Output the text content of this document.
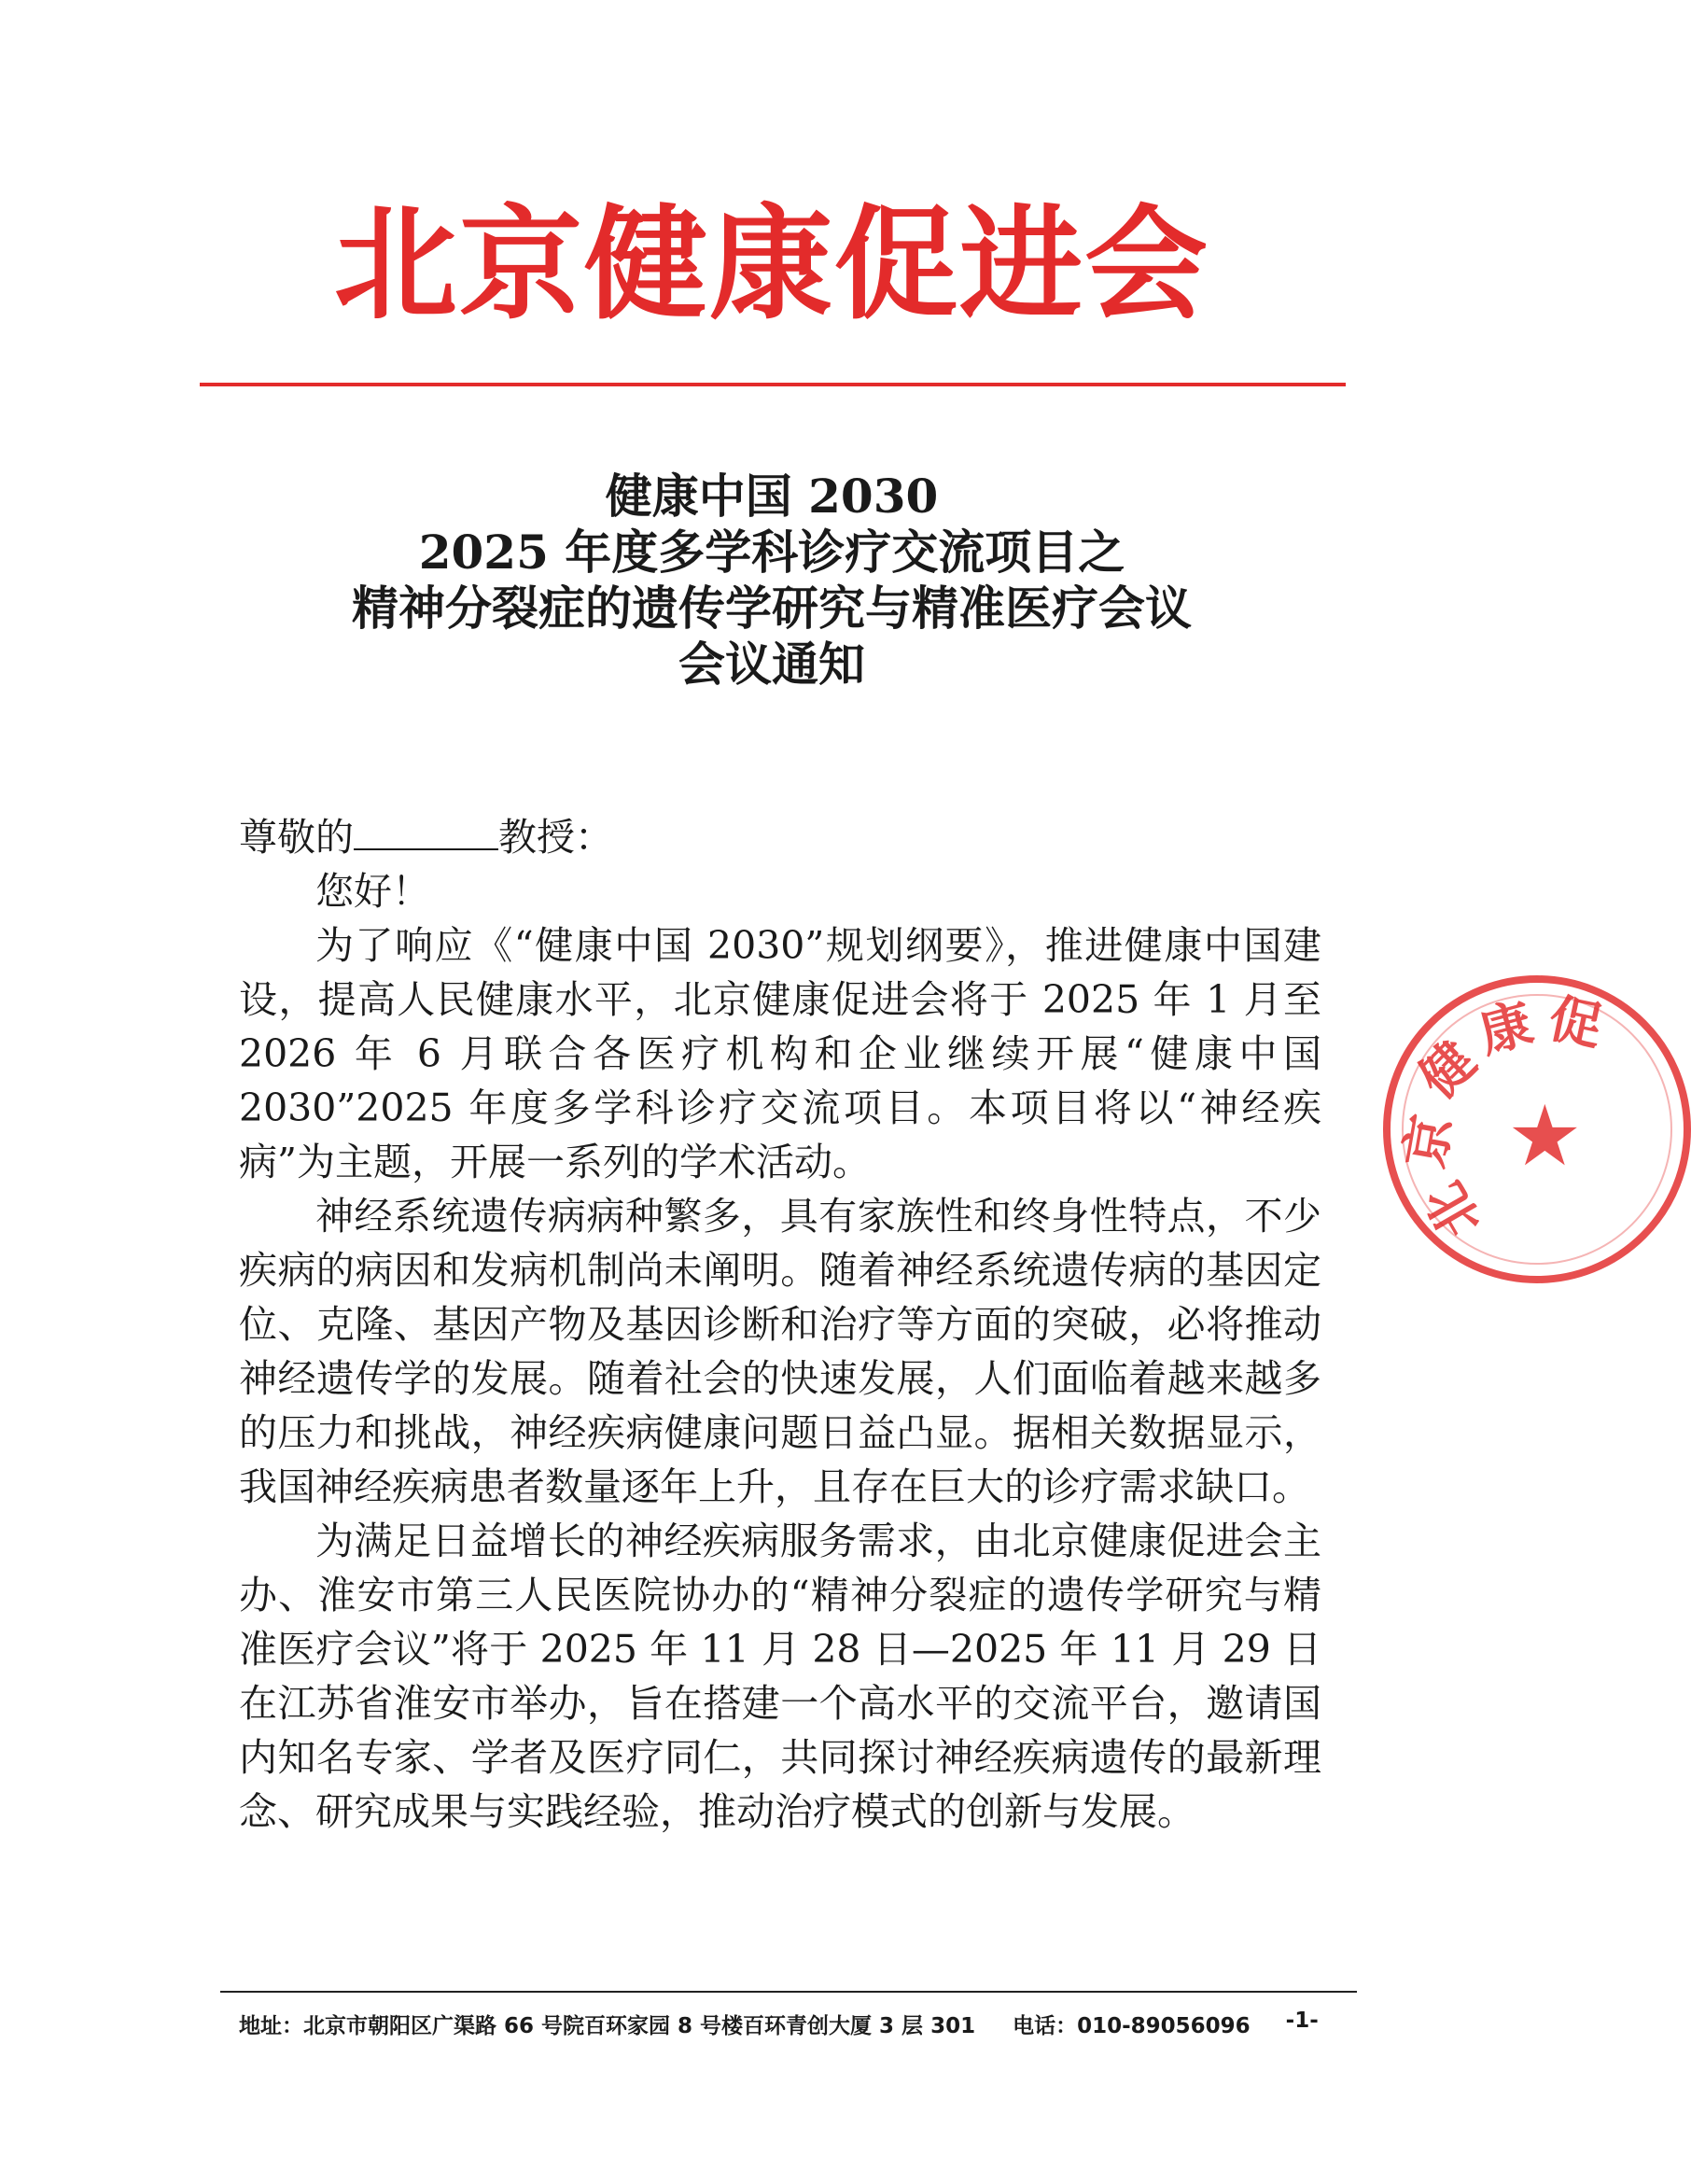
北京健康促进会
健康中国 2030
2025 年度多学科诊疗交流项目之
精神分裂症的遗传学研究与精准医疗会议
会议通知

尊敬的	教授：

您好！

为了响应《“健康中国 2030”规划纲要》，推进健康中国建设，提高人民健康水平，北京健康促进会将于 2025 年 1 月至 2026 年 6 月联合各医疗机构和企业继续开展“健康中国 2030”2025 年度多学科诊疗交流项目。本项目将以“神经疾病”为主题，开展一系列的学术活动。

神经系统遗传病病种繁多，具有家族性和终身性特点，不少疾病的病因和发病机制尚未阐明。随着神经系统遗传病的基因定位、克隆、基因产物及基因诊断和治疗等方面的突破，必将推动神经遗传学的发展。随着社会的快速发展，人们面临着越来越多的压力和挑战，神经疾病健康问题日益凸显。据相关数据显示，我国神经疾病患者数量逐年上升，且存在巨大的诊疗需求缺口。

为满足日益增长的神经疾病服务需求，由北京健康促进会主办、淮安市第三人民医院协办的“精神分裂症的遗传学研究与精准医疗会议”将于 2025 年 11 月 28 日—2025 年 11 月 29 日在江苏省淮安市举办，旨在搭建一个高水平的交流平台，邀请国内知名专家、学者及医疗同仁，共同探讨神经疾病遗传的最新理念、研究成果与实践经验，推动治疗模式的创新与发展。

北
京
健
康 促
★
地址：北京市朝阳区广渠路 66 号院百环家园 8 号楼百环青创大厦 3 层 301 电话：010-89056096 -1-
